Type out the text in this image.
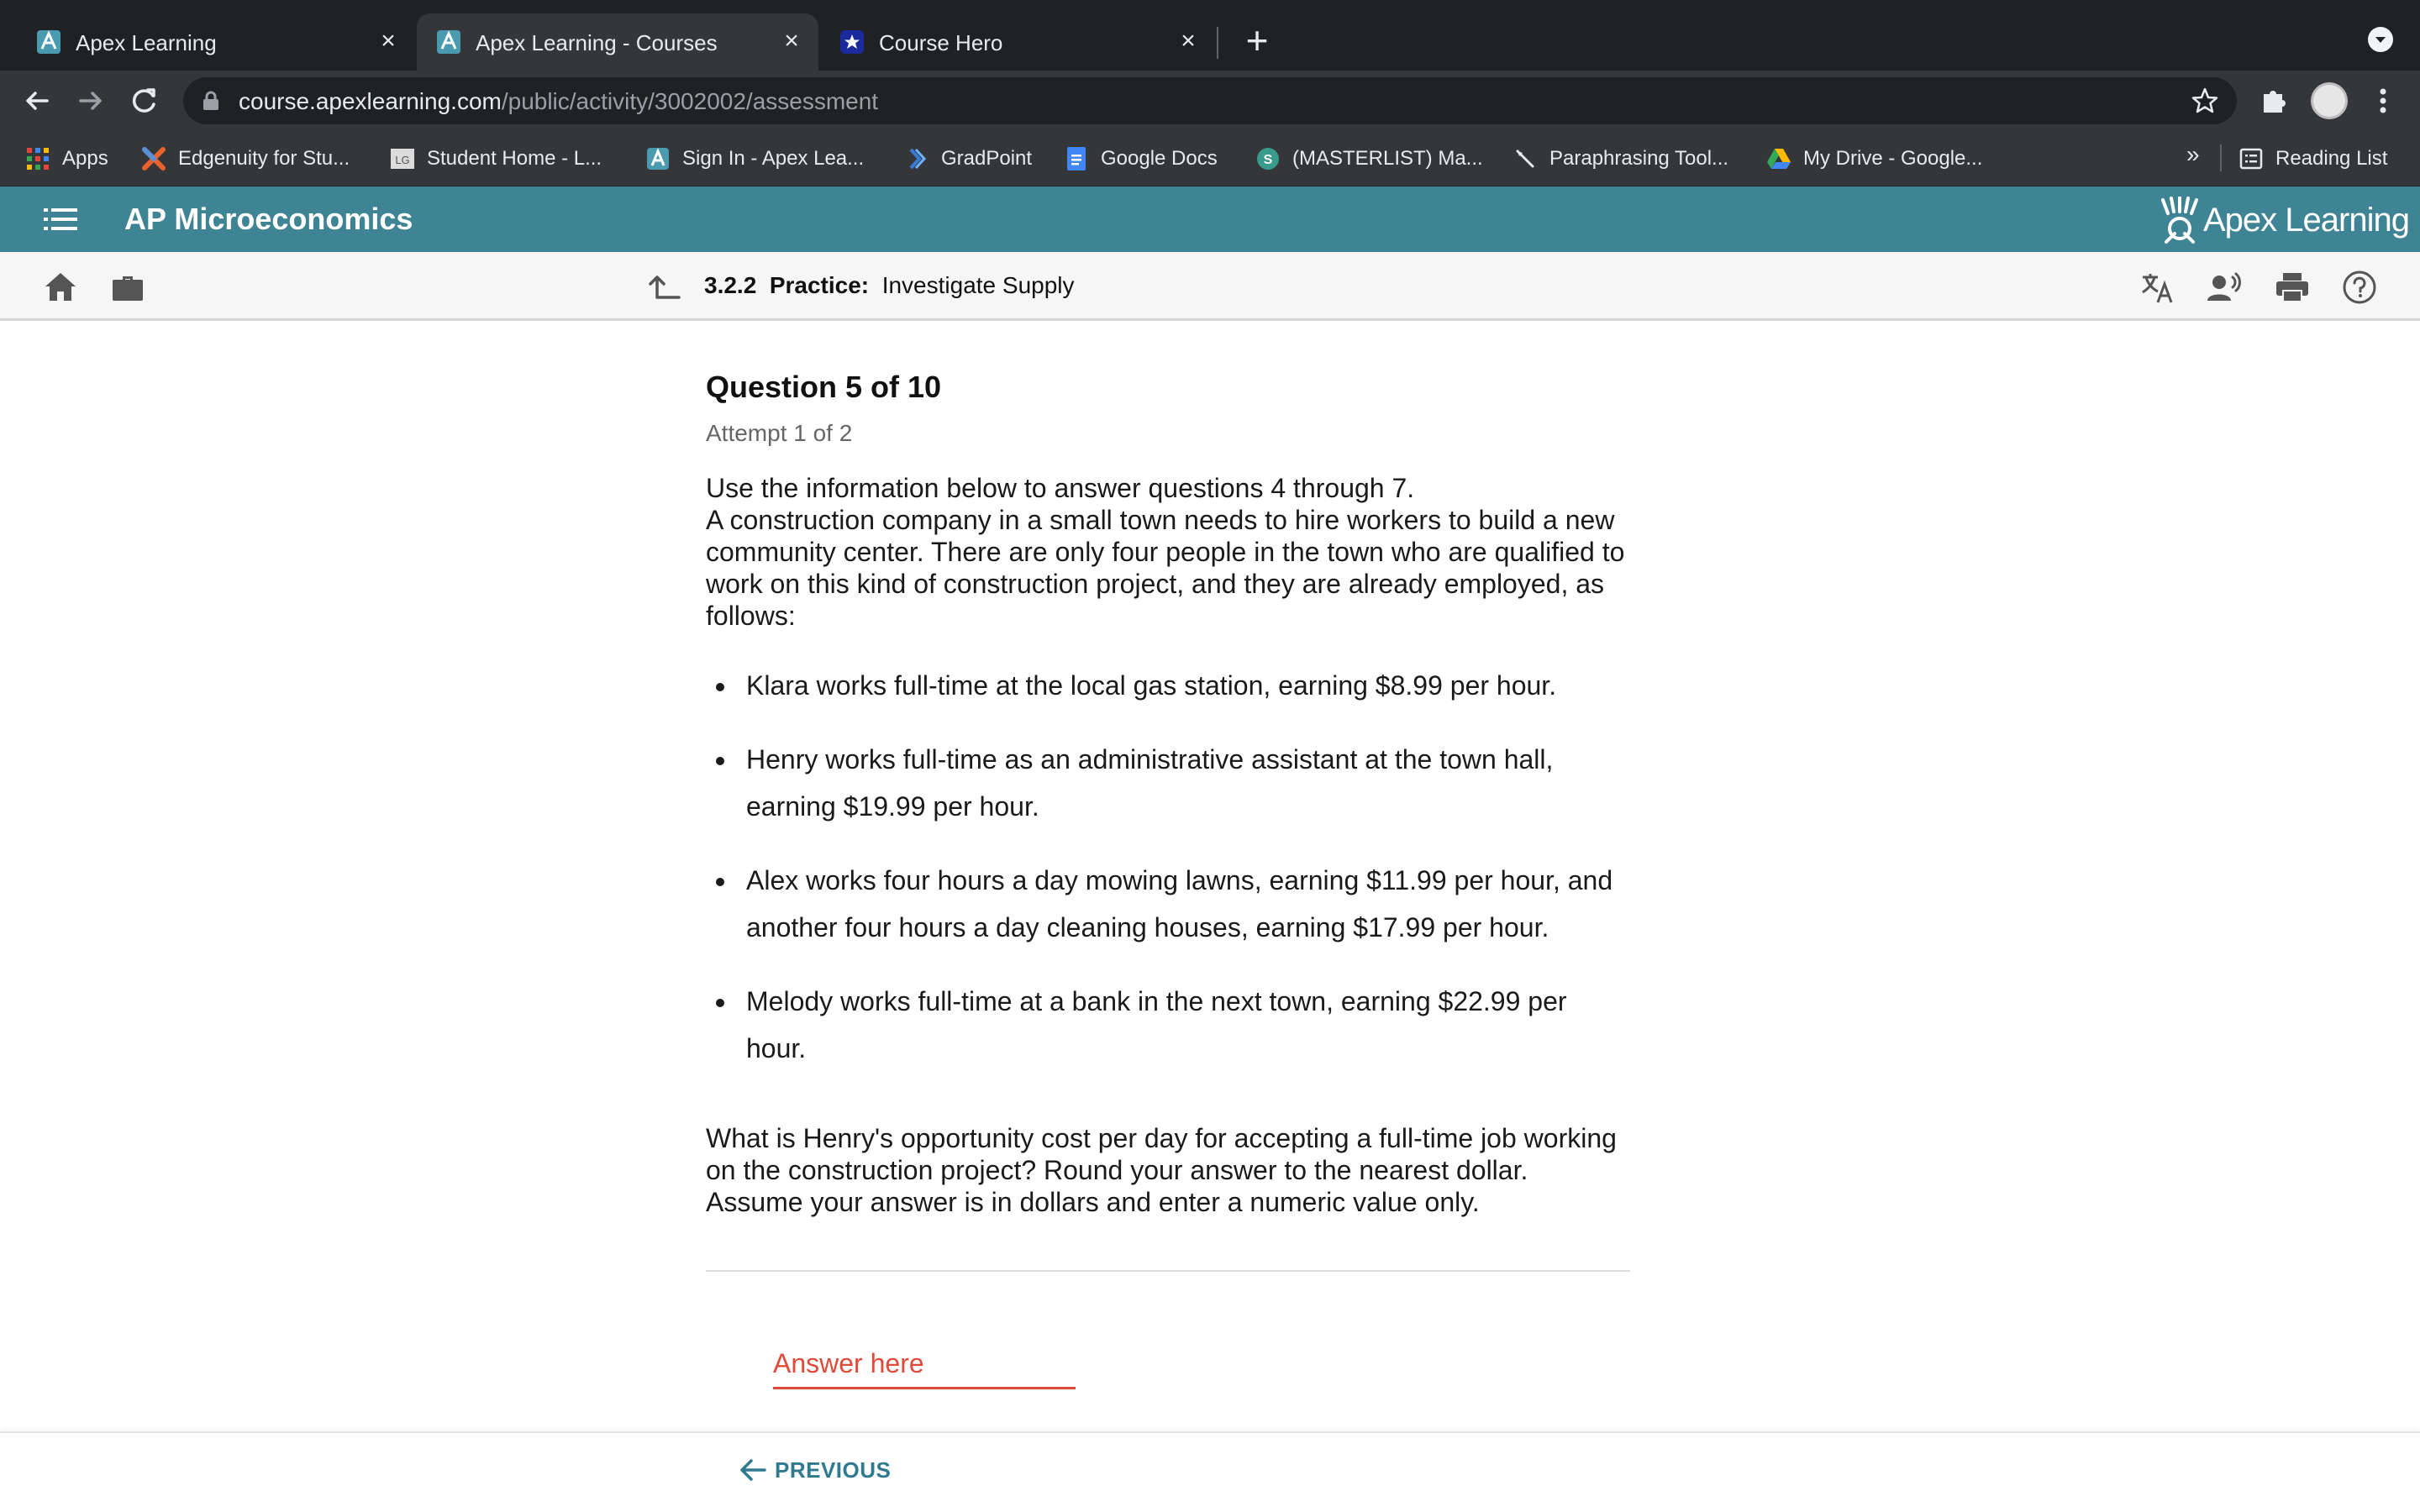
Apex Learning	×	Apex Learning - Courses	×	Course Hero	× +
course.apexlearning.com/public/activity/3002002/assessment
Apps	Edgenuity for Stu...	LG Student Home - L...	Sign In - Apex Lea...	GradPoint	Google Docs	S (MASTERLIST) Ma...	Paraphrasing Tool...	My Drive - Google...	Reading List
»
AP Microeconomics	Apex Learning
3.2.2 Practice: Investigate Supply
Question 5 of 10
Attempt 1 of 2
Use the information below to answer questions 4 through 7.
A construction company in a small town needs to hire workers to build a new community center. There are only four people in the town who are qualified to work on this kind of construction project, and they are already employed, as follows:
Klara works full-time at the local gas station, earning $8.99 per hour.
Henry works full-time as an administrative assistant at the town hall, earning $19.99 per hour.
Alex works four hours a day mowing lawns, earning $11.99 per hour, and another four hours a day cleaning houses, earning $17.99 per hour.
Melody works full-time at a bank in the next town, earning $22.99 per hour.
What is Henry's opportunity cost per day for accepting a full-time job working on the construction project? Round your answer to the nearest dollar. Assume your answer is in dollars and enter a numeric value only.
Answer here
PREVIOUS
